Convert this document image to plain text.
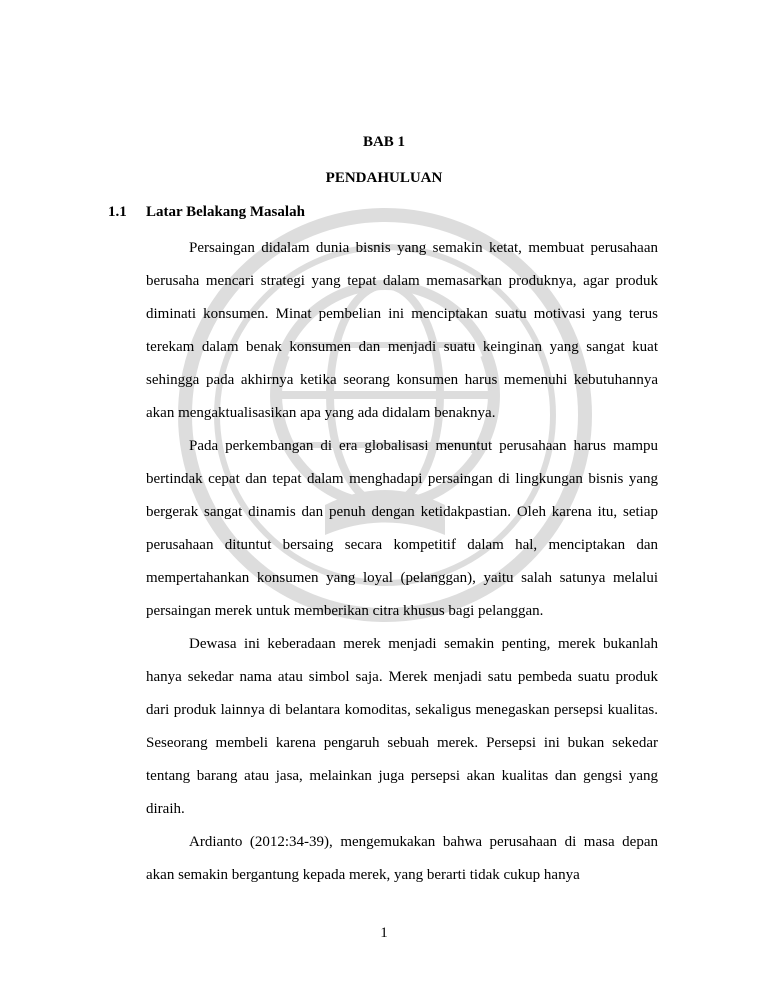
BAB 1
PENDAHULUAN
1.1 Latar Belakang Masalah

Persaingan didalam dunia bisnis yang semakin ketat, membuat perusahaan berusaha mencari strategi yang tepat dalam memasarkan produknya, agar produk diminati konsumen. Minat pembelian ini menciptakan suatu motivasi yang terus terekam dalam benak konsumen dan menjadi suatu keinginan yang sangat kuat sehingga pada akhirnya ketika seorang konsumen harus memenuhi kebutuhannya akan mengaktualisasikan apa yang ada didalam benaknya.

Pada perkembangan di era globalisasi menuntut perusahaan harus mampu bertindak cepat dan tepat dalam menghadapi persaingan di lingkungan bisnis yang bergerak sangat dinamis dan penuh dengan ketidakpastian. Oleh karena itu, setiap perusahaan dituntut bersaing secara kompetitif dalam hal, menciptakan dan mempertahankan konsumen yang loyal (pelanggan), yaitu salah satunya melalui persaingan merek untuk memberikan citra khusus bagi pelanggan.

Dewasa ini keberadaan merek menjadi semakin penting, merek bukanlah hanya sekedar nama atau simbol saja. Merek menjadi satu pembeda suatu produk dari produk lainnya di belantara komoditas, sekaligus menegaskan persepsi kualitas. Seseorang membeli karena pengaruh sebuah merek. Persepsi ini bukan sekedar tentang barang atau jasa, melainkan juga persepsi akan kualitas dan gengsi yang diraih.

Ardianto (2012:34-39), mengemukakan bahwa perusahaan di masa depan akan semakin bergantung kepada merek, yang berarti tidak cukup hanya

1
